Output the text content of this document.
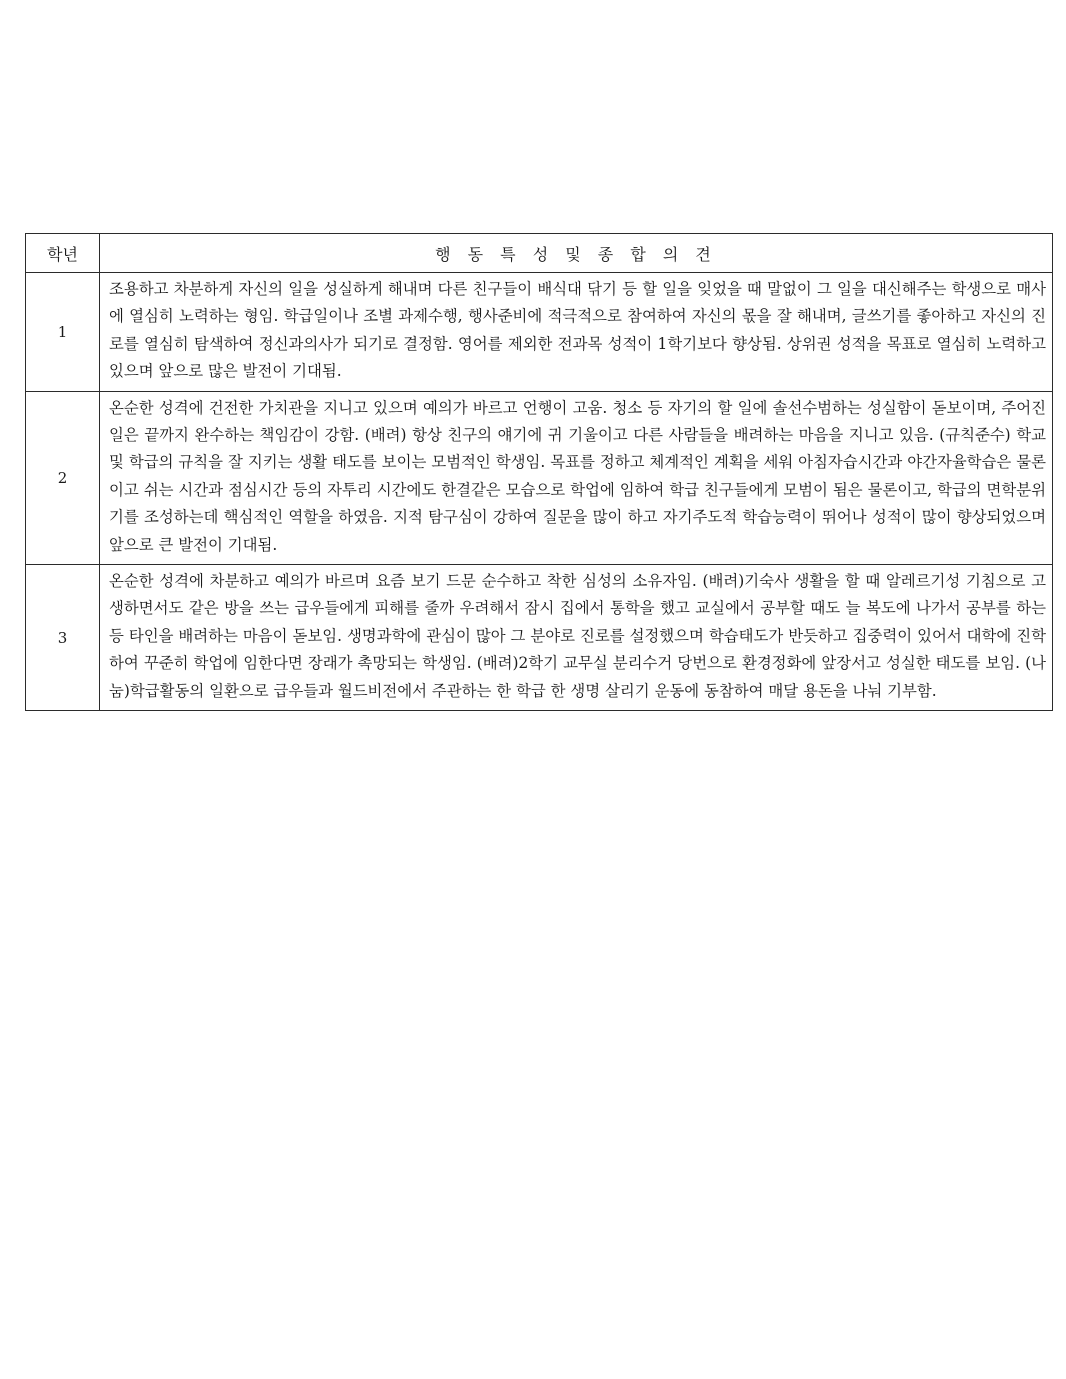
학년	행 동 특 성 및 종 합 의 견
1	조용하고 차분하게 자신의 일을 성실하게 해내며 다른 친구들이 배식대 닦기 등 할 일을 잊었을 때 말없이 그 일을 대신해주는 학생으로 매사에 열심히 노력하는 형임. 학급일이나 조별 과제수행, 행사준비에 적극적으로 참여하여 자신의 몫을 잘 해내며, 글쓰기를 좋아하고 자신의 진로를 열심히 탐색하여 정신과의사가 되기로 결정함. 영어를 제외한 전과목 성적이 1학기보다 향상됨. 상위권 성적을 목표로 열심히 노력하고 있으며 앞으로 많은 발전이 기대됨.
2	온순한 성격에 건전한 가치관을 지니고 있으며 예의가 바르고 언행이 고움. 청소 등 자기의 할 일에 솔선수범하는 성실함이 돋보이며, 주어진 일은 끝까지 완수하는 책임감이 강함. (배려) 항상 친구의 얘기에 귀 기울이고 다른 사람들을 배려하는 마음을 지니고 있음. (규칙준수) 학교 및 학급의 규칙을 잘 지키는 생활 태도를 보이는 모범적인 학생임. 목표를 정하고 체계적인 계획을 세워 아침자습시간과 야간자율학습은 물론이고 쉬는 시간과 점심시간 등의 자투리 시간에도 한결같은 모습으로 학업에 임하여 학급 친구들에게 모범이 됨은 물론이고, 학급의 면학분위기를 조성하는데 핵심적인 역할을 하였음. 지적 탐구심이 강하여 질문을 많이 하고 자기주도적 학습능력이 뛰어나 성적이 많이 향상되었으며 앞으로 큰 발전이 기대됨.
3	온순한 성격에 차분하고 예의가 바르며 요즘 보기 드문 순수하고 착한 심성의 소유자임. (배려)기숙사 생활을 할 때 알레르기성 기침으로 고생하면서도 같은 방을 쓰는 급우들에게 피해를 줄까 우려해서 잠시 집에서 통학을 했고 교실에서 공부할 때도 늘 복도에 나가서 공부를 하는 등 타인을 배려하는 마음이 돋보임. 생명과학에 관심이 많아 그 분야로 진로를 설정했으며 학습태도가 반듯하고 집중력이 있어서 대학에 진학하여 꾸준히 학업에 임한다면 장래가 촉망되는 학생임. (배려)2학기 교무실 분리수거 당번으로 환경정화에 앞장서고 성실한 태도를 보임. (나눔)학급활동의 일환으로 급우들과 월드비전에서 주관하는 한 학급 한 생명 살리기 운동에 동참하여 매달 용돈을 나눠 기부함.
